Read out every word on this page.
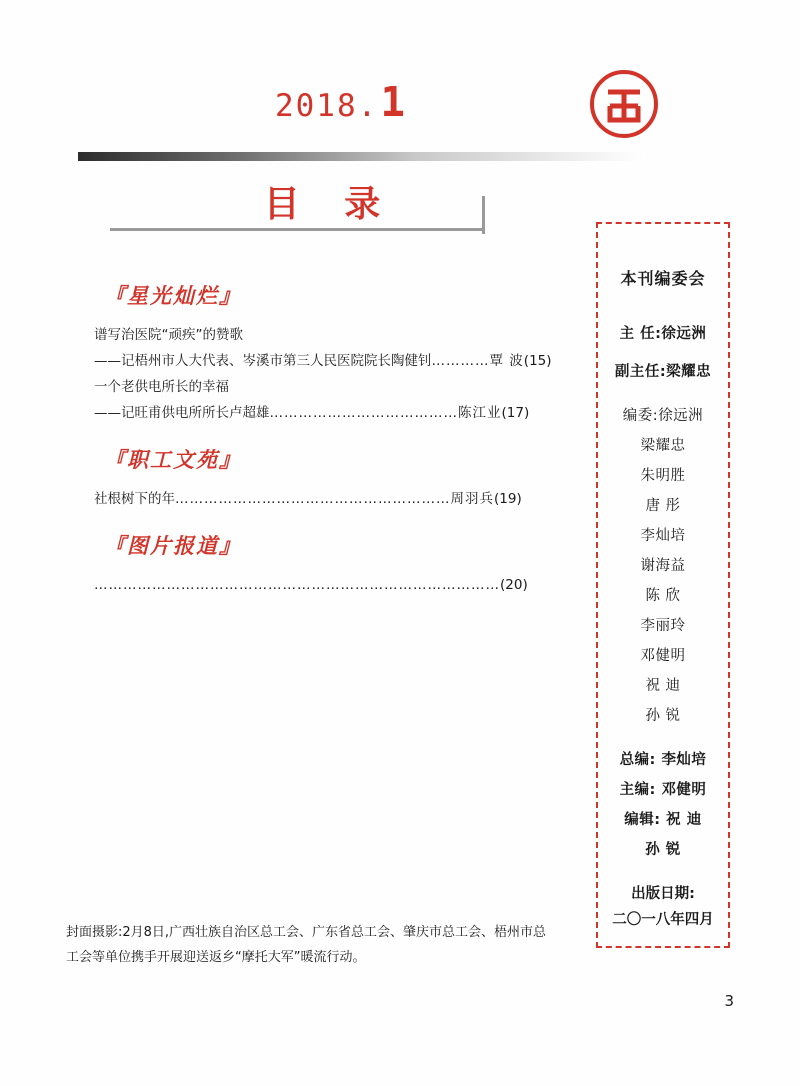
2018.1
目 录
『星光灿烂』
谱写治医院“顽疾”的赞歌
——记梧州市人大代表、岑溪市第三人民医院院长陶健钊…………覃 波(15)
一个老供电所长的幸福
——记旺甫供电所所长卢超雄…………………………………陈江业(17)
『职工文苑』
社根树下的年…………………………………………………周羽兵(19)
『图片报道』
…………………………………………………………………………(20)
本刊编委会
主 任:徐远洲
副主任:梁耀忠
编委:徐远洲
梁耀忠
朱明胜
唐 彤
李灿培
谢海益
陈 欣
李丽玲
邓健明
祝 迪
孙 锐
总编: 李灿培
主编: 邓健明
编辑: 祝 迪
孙 锐
出版日期:
二〇一八年四月
封面摄影:2月8日,广西壮族自治区总工会、广东省总工会、肇庆市总工会、梧州市总
工会等单位携手开展迎送返乡“摩托大军”暖流行动。
3
